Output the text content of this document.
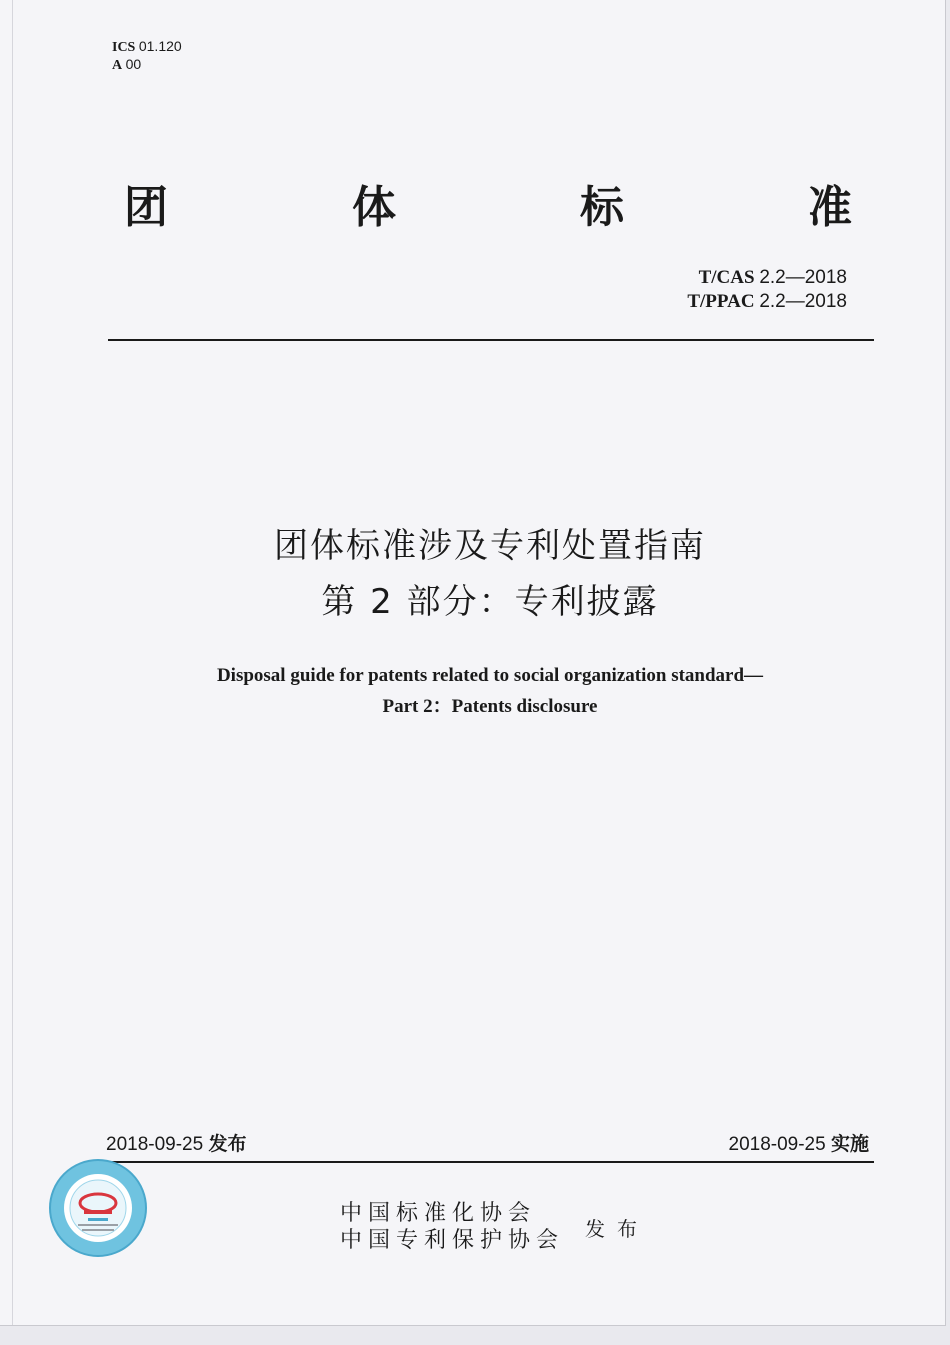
ICS 01.120
A 00
团	体	标	准
T/CAS 2.2—2018
T/PPAC 2.2—2018
团体标准涉及专利处置指南
第 2 部分：专利披露
Disposal guide for patents related to social organization standard—
Part 2：Patents disclosure
2018-09-25 发布	2018-09-25 实施
中国标准化协会
中国专利保护协会 发布
